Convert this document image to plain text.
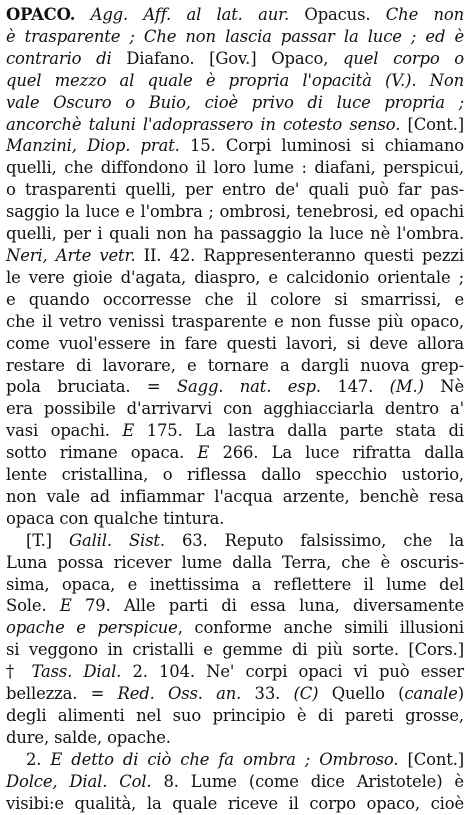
OPACO. Agg. Aff. al lat. aur. Opacus. Che non
è trasparente ; Che non lascia passar la luce ; ed è
contrario di Diafano. [Gov.] Opaco, quel corpo o
quel mezzo al quale è propria l'opacità (V.). Non
vale Oscuro o Buio, cioè privo di luce propria ;
ancorchè taluni l'adoprassero in cotesto senso. [Cont.]
Manzini, Diop. prat. 15. Corpi luminosi si chiamano
quelli, che diffondono il loro lume : diafani, perspicui,
o trasparenti quelli, per entro de' quali può far pas-
saggio la luce e l'ombra ; ombrosi, tenebrosi, ed opachi
quelli, per i quali non ha passaggio la luce nè l'ombra.
Neri, Arte vetr. II. 42. Rappresenteranno questi pezzi
le vere gioie d'agata, diaspro, e calcidonio orientale ;
e quando occorresse che il colore si smarrissi, e
che il vetro venissi trasparente e non fusse più opaco,
come vuol'essere in fare questi lavori, si deve allora
restare di lavorare, e tornare a dargli nuova grep-
pola bruciata. = Sagg. nat. esp. 147. (M.) Nè
era possibile d'arrivarvi con agghiacciarla dentro a'
vasi opachi. E 175. La lastra dalla parte stata di
sotto rimane opaca. E 266. La luce rifratta dalla
lente cristallina, o riflessa dallo specchio ustorio,
non vale ad infiammar l'acqua arzente, benchè resa
opaca con qualche tintura.
[T.] Galil. Sist. 63. Reputo falsissimo, che la
Luna possa ricever lume dalla Terra, che è oscuris-
sima, opaca, e inettissima a reflettere il lume del
Sole. E 79. Alle parti di essa luna, diversamente
opache e perspicue, conforme anche simili illusioni
si veggono in cristalli e gemme di più sorte. [Cors.]
† Tass. Dial. 2. 104. Ne' corpi opaci vi può esser
bellezza. = Red. Oss. an. 33. (C) Quello (canale)
degli alimenti nel suo principio è di pareti grosse,
dure, salde, opache.
2. E detto di ciò che fa ombra ; Ombroso. [Cont.]
Dolce, Dial. Col. 8. Lume (come dice Aristotele) è
visibi:e qualità, la quale riceve il corpo opaco, cioè
